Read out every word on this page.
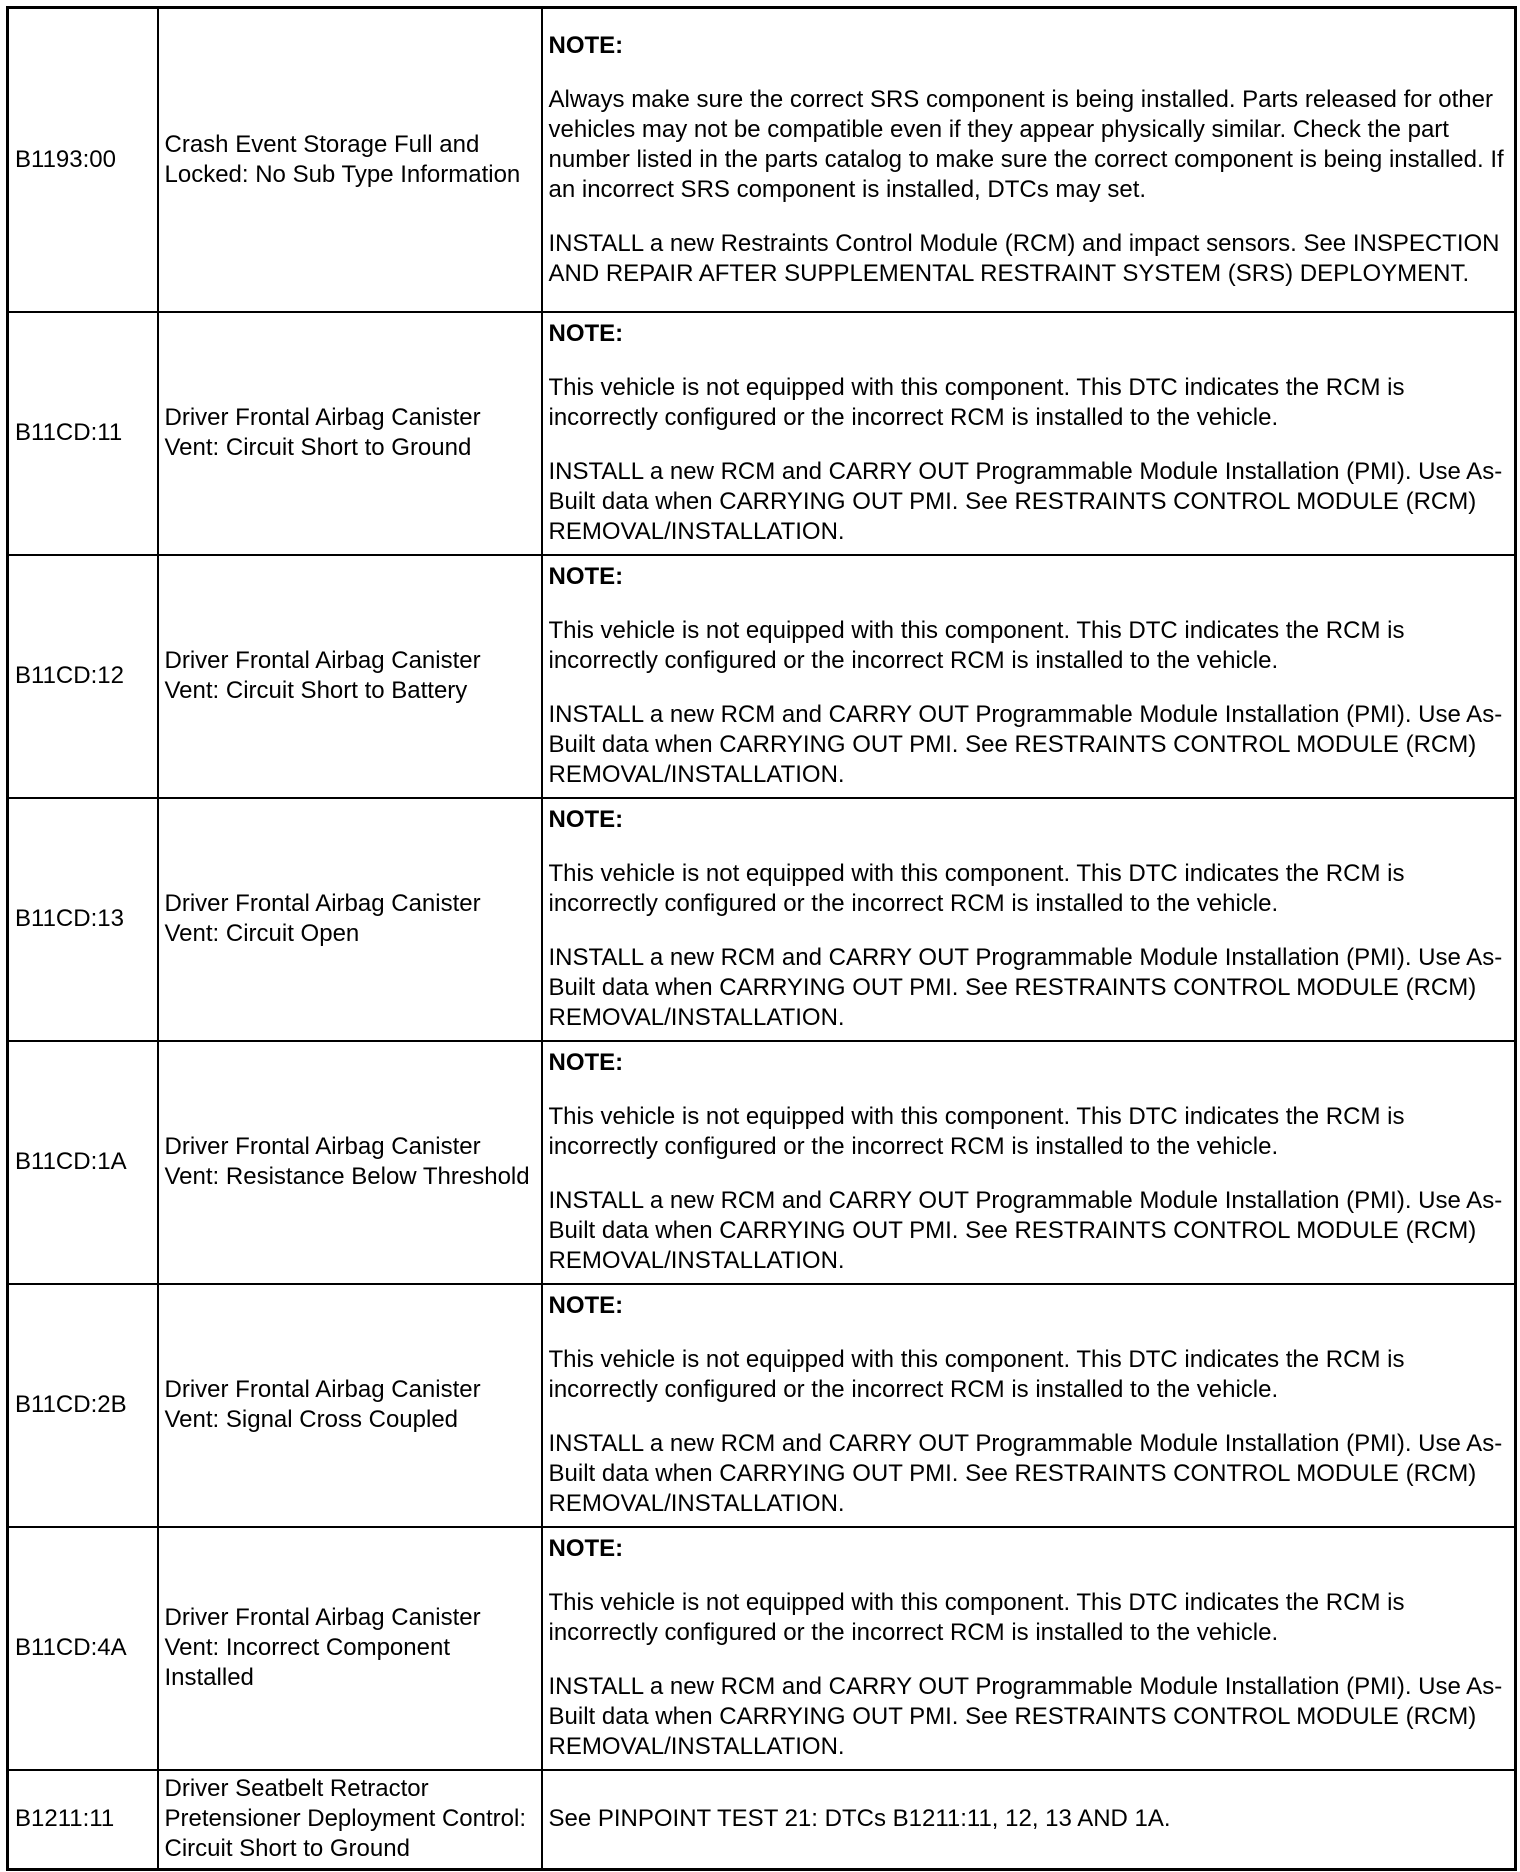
B1193:00	Crash Event Storage Full and Locked: No Sub Type Information	NOTE:
Always make sure the correct SRS component is being installed. Parts released for other vehicles may not be compatible even if they appear physically similar. Check the part number listed in the parts catalog to make sure the correct component is being installed. If an incorrect SRS component is installed, DTCs may set.
INSTALL a new Restraints Control Module (RCM) and impact sensors. See INSPECTION AND REPAIR AFTER SUPPLEMENTAL RESTRAINT SYSTEM (SRS) DEPLOYMENT.

B11CD:11	Driver Frontal Airbag Canister Vent: Circuit Short to Ground	NOTE:
This vehicle is not equipped with this component. This DTC indicates the RCM is incorrectly configured or the incorrect RCM is installed to the vehicle.
INSTALL a new RCM and CARRY OUT Programmable Module Installation (PMI). Use As-Built data when CARRYING OUT PMI. See RESTRAINTS CONTROL MODULE (RCM) REMOVAL/INSTALLATION.

B11CD:12	Driver Frontal Airbag Canister Vent: Circuit Short to Battery	NOTE:
This vehicle is not equipped with this component. This DTC indicates the RCM is incorrectly configured or the incorrect RCM is installed to the vehicle.
INSTALL a new RCM and CARRY OUT Programmable Module Installation (PMI). Use As-Built data when CARRYING OUT PMI. See RESTRAINTS CONTROL MODULE (RCM) REMOVAL/INSTALLATION.

B11CD:13	Driver Frontal Airbag Canister Vent: Circuit Open	NOTE:
This vehicle is not equipped with this component. This DTC indicates the RCM is incorrectly configured or the incorrect RCM is installed to the vehicle.
INSTALL a new RCM and CARRY OUT Programmable Module Installation (PMI). Use As-Built data when CARRYING OUT PMI. See RESTRAINTS CONTROL MODULE (RCM) REMOVAL/INSTALLATION.

B11CD:1A	Driver Frontal Airbag Canister Vent: Resistance Below Threshold	NOTE:
This vehicle is not equipped with this component. This DTC indicates the RCM is incorrectly configured or the incorrect RCM is installed to the vehicle.
INSTALL a new RCM and CARRY OUT Programmable Module Installation (PMI). Use As-Built data when CARRYING OUT PMI. See RESTRAINTS CONTROL MODULE (RCM) REMOVAL/INSTALLATION.

B11CD:2B	Driver Frontal Airbag Canister Vent: Signal Cross Coupled	NOTE:
This vehicle is not equipped with this component. This DTC indicates the RCM is incorrectly configured or the incorrect RCM is installed to the vehicle.
INSTALL a new RCM and CARRY OUT Programmable Module Installation (PMI). Use As-Built data when CARRYING OUT PMI. See RESTRAINTS CONTROL MODULE (RCM) REMOVAL/INSTALLATION.

B11CD:4A	Driver Frontal Airbag Canister Vent: Incorrect Component Installed	NOTE:
This vehicle is not equipped with this component. This DTC indicates the RCM is incorrectly configured or the incorrect RCM is installed to the vehicle.
INSTALL a new RCM and CARRY OUT Programmable Module Installation (PMI). Use As-Built data when CARRYING OUT PMI. See RESTRAINTS CONTROL MODULE (RCM) REMOVAL/INSTALLATION.

B1211:11	Driver Seatbelt Retractor Pretensioner Deployment Control: Circuit Short to Ground	See PINPOINT TEST 21: DTCs B1211:11, 12, 13 AND 1A.
